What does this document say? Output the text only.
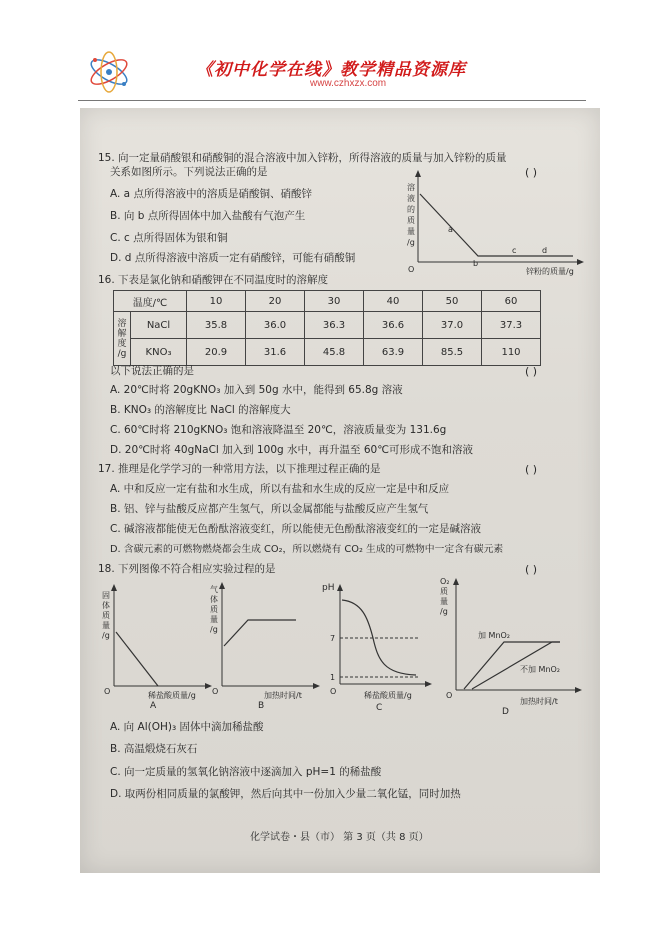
《初中化学在线》教学精品资源库
www.czhxzx.com
15. 向一定量硝酸银和硝酸铜的混合溶液中加入锌粉，所得溶液的质量与加入锌粉的质量
关系如图所示。下列说法正确的是	( )
A. a 点所得溶液中的溶质是硝酸铜、硝酸锌
B. 向 b 点所得固体中加入盐酸有气泡产生
C. c 点所得固体为银和铜
D. d 点所得溶液中溶质一定有硝酸锌，可能有硝酸铜
溶
液
的
质
量
/g
a
b
c	d
O	锌粉的质量/g
16. 下表是氯化钠和硝酸钾在不同温度时的溶解度
温度/℃		10	20	30	40	50	60
溶
解
度
/g	NaCl	35.8	36.0	36.3	36.6	37.0	37.3
	KNO₃	20.9	31.6	45.8	63.9	85.5	110
以下说法正确的是	( )
A. 20℃时将 20gKNO₃ 加入到 50g 水中，能得到 65.8g 溶液
B. KNO₃ 的溶解度比 NaCl 的溶解度大
C. 60℃时将 210gKNO₃ 饱和溶液降温至 20℃，溶液质量变为 131.6g
D. 20℃时将 40gNaCl 加入到 100g 水中，再升温至 60℃可形成不饱和溶液
17. 推理是化学学习的一种常用方法，以下推理过程正确的是	( )
A. 中和反应一定有盐和水生成，所以有盐和水生成的反应一定是中和反应
B. 铝、锌与盐酸反应都产生氢气，所以金属都能与盐酸反应产生氢气
C. 碱溶液都能使无色酚酞溶液变红，所以能使无色酚酞溶液变红的一定是碱溶液
D. 含碳元素的可燃物燃烧都会生成 CO₂，所以燃烧有 CO₂ 生成的可燃物中一定含有碳元素
18. 下列图像不符合相应实验过程的是	( )
固
体
质
量
/g
O	稀盐酸质量/g
A
气
体
质
量
/g
O	加热时间/t
B
pH
7
1
O	稀盐酸质量/g
C
O₂
质
量
/g
加 MnO₂
不加 MnO₂
O
加热时间/t
D
A. 向 Al(OH)₃ 固体中滴加稀盐酸
B. 高温煅烧石灰石
C. 向一定质量的氢氧化钠溶液中逐滴加入 pH=1 的稀盐酸
D. 取两份相同质量的氯酸钾，然后向其中一份加入少量二氧化锰，同时加热
化学试卷・县（市） 第 3 页（共 8 页）
